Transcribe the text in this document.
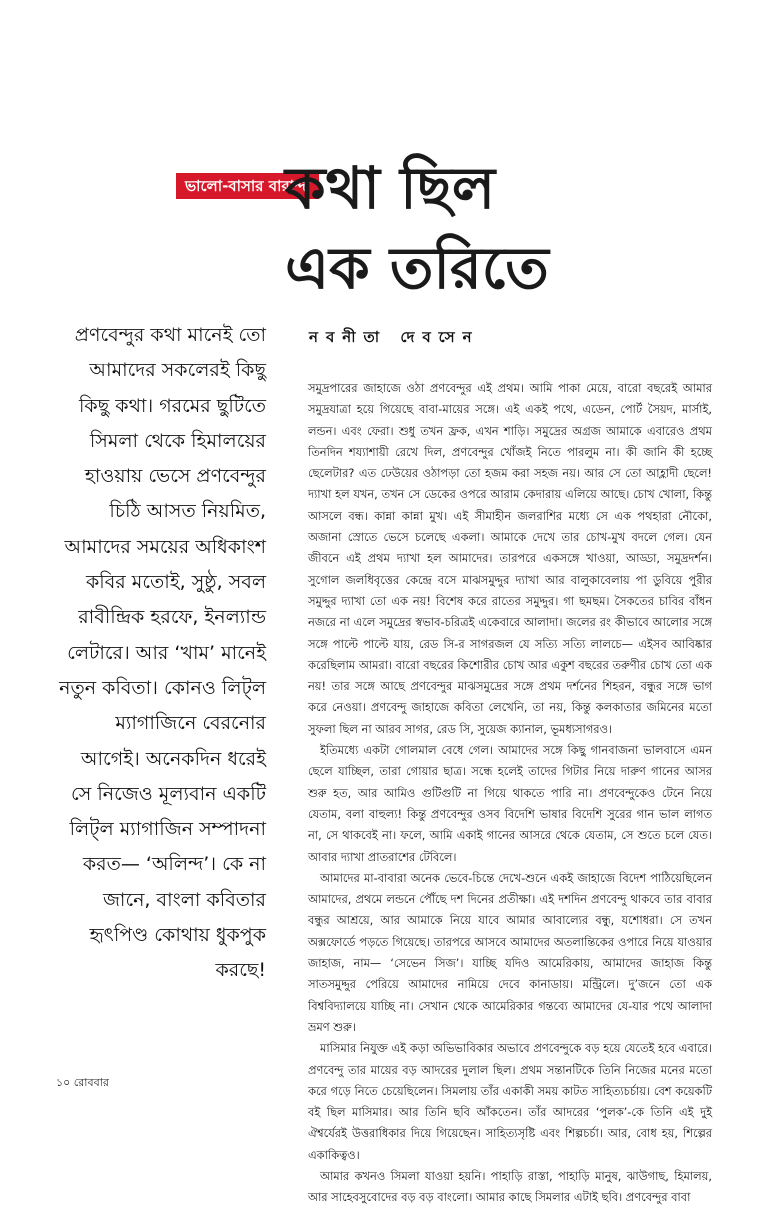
ভালো-বাসার বারান্দা
কথা ছিল
এক তরিতে
প্রণবেন্দুর কথা মানেই তো আমাদের সকলেরই কিছু কিছু কথা। গরমের ছুটিতে সিমলা থেকে হিমালয়ের হাওয়ায় ভেসে প্রণবেন্দুর চিঠি আসত নিয়মিত, আমাদের সময়ের অধিকাংশ কবির মতোই, সুষ্ঠু, সবল রাবীন্দ্রিক হরফে, ইনল্যান্ড লেটারে। আর ‘খাম’ মানেই নতুন কবিতা। কোনও লিট্‌ল ম্যাগাজিনে বেরনোর আগেই। অনেকদিন ধরেই সে নিজেও মূল্যবান একটি লিট্‌ল ম্যাগাজিন সম্পাদনা করত— ‘অলিন্দ’। কে না জানে, বাংলা কবিতার হৃৎপিণ্ড কোথায় ধুকপুক করছে!
নবনীতা দেবসেন

সমুদ্রপারের জাহাজে ওঠা প্রণবেন্দুর এই প্রথম। আমি পাকা মেয়ে, বারো বছরেই আমার সমুদ্রযাত্রা হয়ে গিয়েছে বাবা-মায়ের সঙ্গে। এই একই পথে, এডেন, পোর্ট সৈয়দ, মার্সাই, লন্ডন। এবং ফেরা। শুধু তখন ফ্রক, এখন শাড়ি। সমুদ্রের অগ্রজ আমাকে এবারেও প্রথম তিনদিন শয্যাশায়ী রেখে দিল, প্রণবেন্দুর খোঁজই নিতে পারলুম না। কী জানি কী হচ্ছে ছেলেটার? এত ঢেউয়ের ওঠাপড়া তো হজম করা সহজ নয়। আর সে তো আহ্লাদী ছেলে! দ্যাখা হল যখন, তখন সে ডেকের ওপরে আরাম কেদারায় এলিয়ে আছে। চোখ খোলা, কিন্তু আসলে বন্ধ। কান্না কান্না মুখ। এই সীমাহীন জলরাশির মধ্যে সে এক পথহারা নৌকো, অজানা স্রোতে ভেসে চলেছে একলা। আমাকে দেখে তার চোখ-মুখ বদলে গেল। যেন জীবনে এই প্রথম দ্যাখা হল আমাদের। তারপরে একসঙ্গে খাওয়া, আড্ডা, সমুদ্রদর্শন। সুগোল জলধিবৃত্তের কেন্দ্রে বসে মাঝসমুদ্দুর দ্যাখা আর বালুকাবেলায় পা ডুবিয়ে পুরীর সমুদ্দুর দ্যাখা তো এক নয়! বিশেষ করে রাতের সমুদ্দুর। গা ছমছম। সৈকতের চাবির বাঁধন নজরে না এলে সমুদ্রের স্বভাব-চরিত্রই একেবারে আলাদা। জলের রং কীভাবে আলোর সঙ্গে সঙ্গে পাল্টে পাল্টে যায়, রেড সি-র সাগরজল যে সত্যি সত্যি লালচে— এইসব আবিষ্কার করেছিলাম আমরা। বারো বছরের কিশোরীর চোখ আর একুশ বছরের তরুণীর চোখ তো এক নয়! তার সঙ্গে আছে প্রণবেন্দুর মাঝসমুদ্রের সঙ্গে প্রথম দর্শনের শিহরন, বন্ধুর সঙ্গে ভাগ করে নেওয়া। প্রণবেন্দু জাহাজে কবিতা লেখেনি, তা নয়, কিন্তু কলকাতার জমিনের মতো সুফলা ছিল না আরব সাগর, রেড সি, সুয়েজ ক্যানাল, ভূমধ্যসাগরও।

ইতিমধ্যে একটা গোলমাল বেধে গেল। আমাদের সঙ্গে কিছু গানবাজনা ভালবাসে এমন ছেলে যাচ্ছিল, তারা গোয়ার ছাত্র। সন্ধে হলেই তাদের গিটার নিয়ে দারুণ গানের আসর শুরু হত, আর আমিও গুটিগুটি না গিয়ে থাকতে পারি না। প্রণবেন্দুকেও টেনে নিয়ে যেতাম, বলা বাহুল্য! কিন্তু প্রণবেন্দুর ওসব বিদেশি ভাষার বিদেশি সুরের গান ভাল লাগত না, সে থাকবেই না। ফলে, আমি একাই গানের আসরে থেকে যেতাম, সে শুতে চলে যেত। আবার দ্যাখা প্রাতরাশের টেবিলে।

আমাদের মা-বাবারা অনেক ভেবে-চিন্তে দেখে-শুনে একই জাহাজে বিদেশ পাঠিয়েছিলেন আমাদের, প্রথমে লন্ডনে পৌঁছে দশ দিনের প্রতীক্ষা। এই দশদিন প্রণবেন্দু থাকবে তার বাবার বন্ধুর আশ্রয়ে, আর আমাকে নিয়ে যাবে আমার আবাল্যের বন্ধু, যশোধরা। সে তখন অক্সফোর্ডে পড়তে গিয়েছে। তারপরে আসবে আমাদের অতলান্তিকের ওপারে নিয়ে যাওয়ার জাহাজ, নাম— ‘সেভেন সিজ’। যাচ্ছি যদিও আমেরিকায়, আমাদের জাহাজ কিন্তু সাতসমুদ্দুর পেরিয়ে আমাদের নামিয়ে দেবে কানাডায়। মন্ট্রিলে। দু’জনে তো এক বিশ্ববিদ্যালয়ে যাচ্ছি না। সেখান থেকে আমেরিকার গন্তব্যে আমাদের যে-যার পথে আলাদা ভ্রমণ শুরু।

মাসিমার নিযুক্ত এই কড়া অভিভাবিকার অভাবে প্রণবেন্দুকে বড় হয়ে যেতেই হবে এবারে। প্রণবেন্দু তার মায়ের বড় আদরের দুলাল ছিল। প্রথম সন্তানটিকে তিনি নিজের মনের মতো করে গড়ে নিতে চেয়েছিলেন। সিমলায় তাঁর একাকী সময় কাটত সাহিত্যচর্চায়। বেশ কয়েকটি বই ছিল মাসিমার। আর তিনি ছবি আঁকতেন। তাঁর আদরের ‘পুলক’-কে তিনি এই দুই ঐশ্বর্যেরই উত্তরাধিকার দিয়ে গিয়েছেন। সাহিত্যসৃষ্টি এবং শিল্পচর্চা। আর, বোধ হয়, শিল্পের একাকিত্বও।

আমার কখনও সিমলা যাওয়া হয়নি। পাহাড়ি রাস্তা, পাহাড়ি মানুষ, ঝাউগাছ, হিমালয়, আর সাহেবসুবোদের বড় বড় বাংলো। আমার কাছে সিমলার এটাই ছবি। প্রণবেন্দুর বাবা

১০ রোববার
